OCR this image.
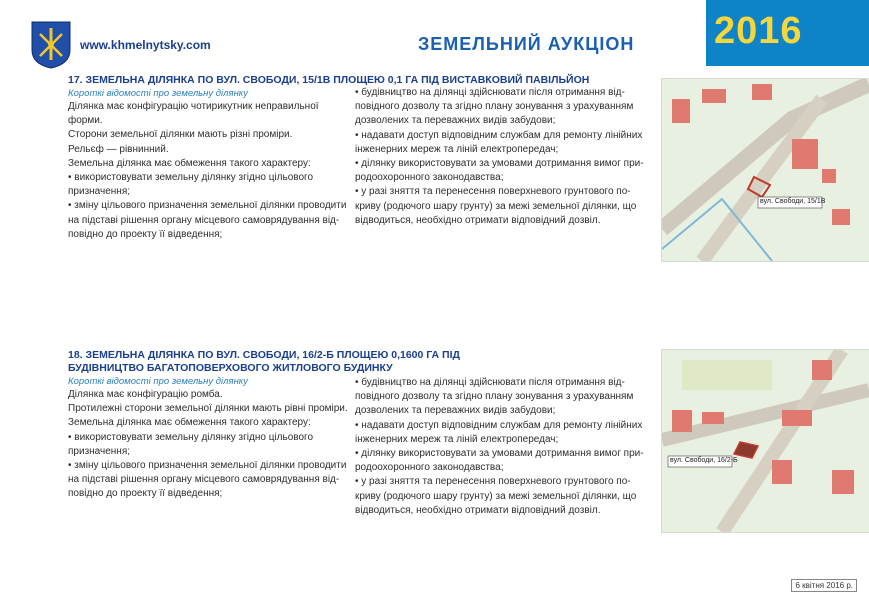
www.khmelnytsky.com	ЗЕМЕЛЬНИЙ АУКЦІОН 2016
17. ЗЕМЕЛЬНА ДІЛЯНКА ПО ВУЛ. СВОБОДИ, 15/1В ПЛОЩЕЮ 0,1 ГА ПІД ВИСТАВКОВИЙ ПАВІЛЬЙОН
Короткі відомості про земельну ділянку

Ділянка має конфігурацію чотирикутник неправильної форми.

Сторони земельної ділянки мають різні проміри.

Рельєф — рівнинний.

Земельна ділянка має обмеження такого характеру:

• використовувати земельну ділянку згідно цільового

призначення;

• зміну цільового призначення земельної ділянки проводити

на підставі рішення органу місцевого самоврядування від-

повідно до проекту її відведення;

• будівництво на ділянці здійснювати після отримання від-

повідного дозволу та згідно плану зонування з урахуванням

дозволених та переважних видів забудови;

• надавати доступ відповідним службам для ремонту лінійних

інженерних мереж та ліній електропередач;

• ділянку використовувати за умовами дотримання вимог при-

родоохоронного законодавства;

• у разі зняття та перенесення поверхневого грунтового по-

криву (родючого шару грунту) за межі земельної ділянки, що

відводиться, необхідно отримати відповідний дозвіл.

вул. Свободи, 15/1В
18. ЗЕМЕЛЬНА ДІЛЯНКА ПО ВУЛ. СВОБОДИ, 16/2-Б ПЛОЩЕЮ 0,1600 ГА ПІД
БУДІВНИЦТВО БАГАТОПОВЕРХОВОГО ЖИТЛОВОГО БУДИНКУ
Короткі відомості про земельну ділянку

Ділянка має конфігурацію ромба.

Протилежні сторони земельної ділянки мають рівні проміри.

Земельна ділянка має обмеження такого характеру:

• використовувати земельну ділянку згідно цільового

призначення;

• зміну цільового призначення земельної ділянки проводити

на підставі рішення органу місцевого самоврядування від-

повідно до проекту її відведення;

• будівництво на ділянці здійснювати після отримання від-

повідного дозволу та згідно плану зонування з урахуванням

дозволених та переважних видів забудови;

• надавати доступ відповідним службам для ремонту лінійних

інженерних мереж та ліній електропередач;

• ділянку використовувати за умовами дотримання вимог при-

родоохоронного законодавства;

• у разі зняття та перенесення поверхневого грунтового по-

криву (родючого шару грунту) за межі земельної ділянки, що

відводиться, необхідно отримати відповідний дозвіл.

вул. Свободи, 16/2-Б
6 квітня 2016 р.
